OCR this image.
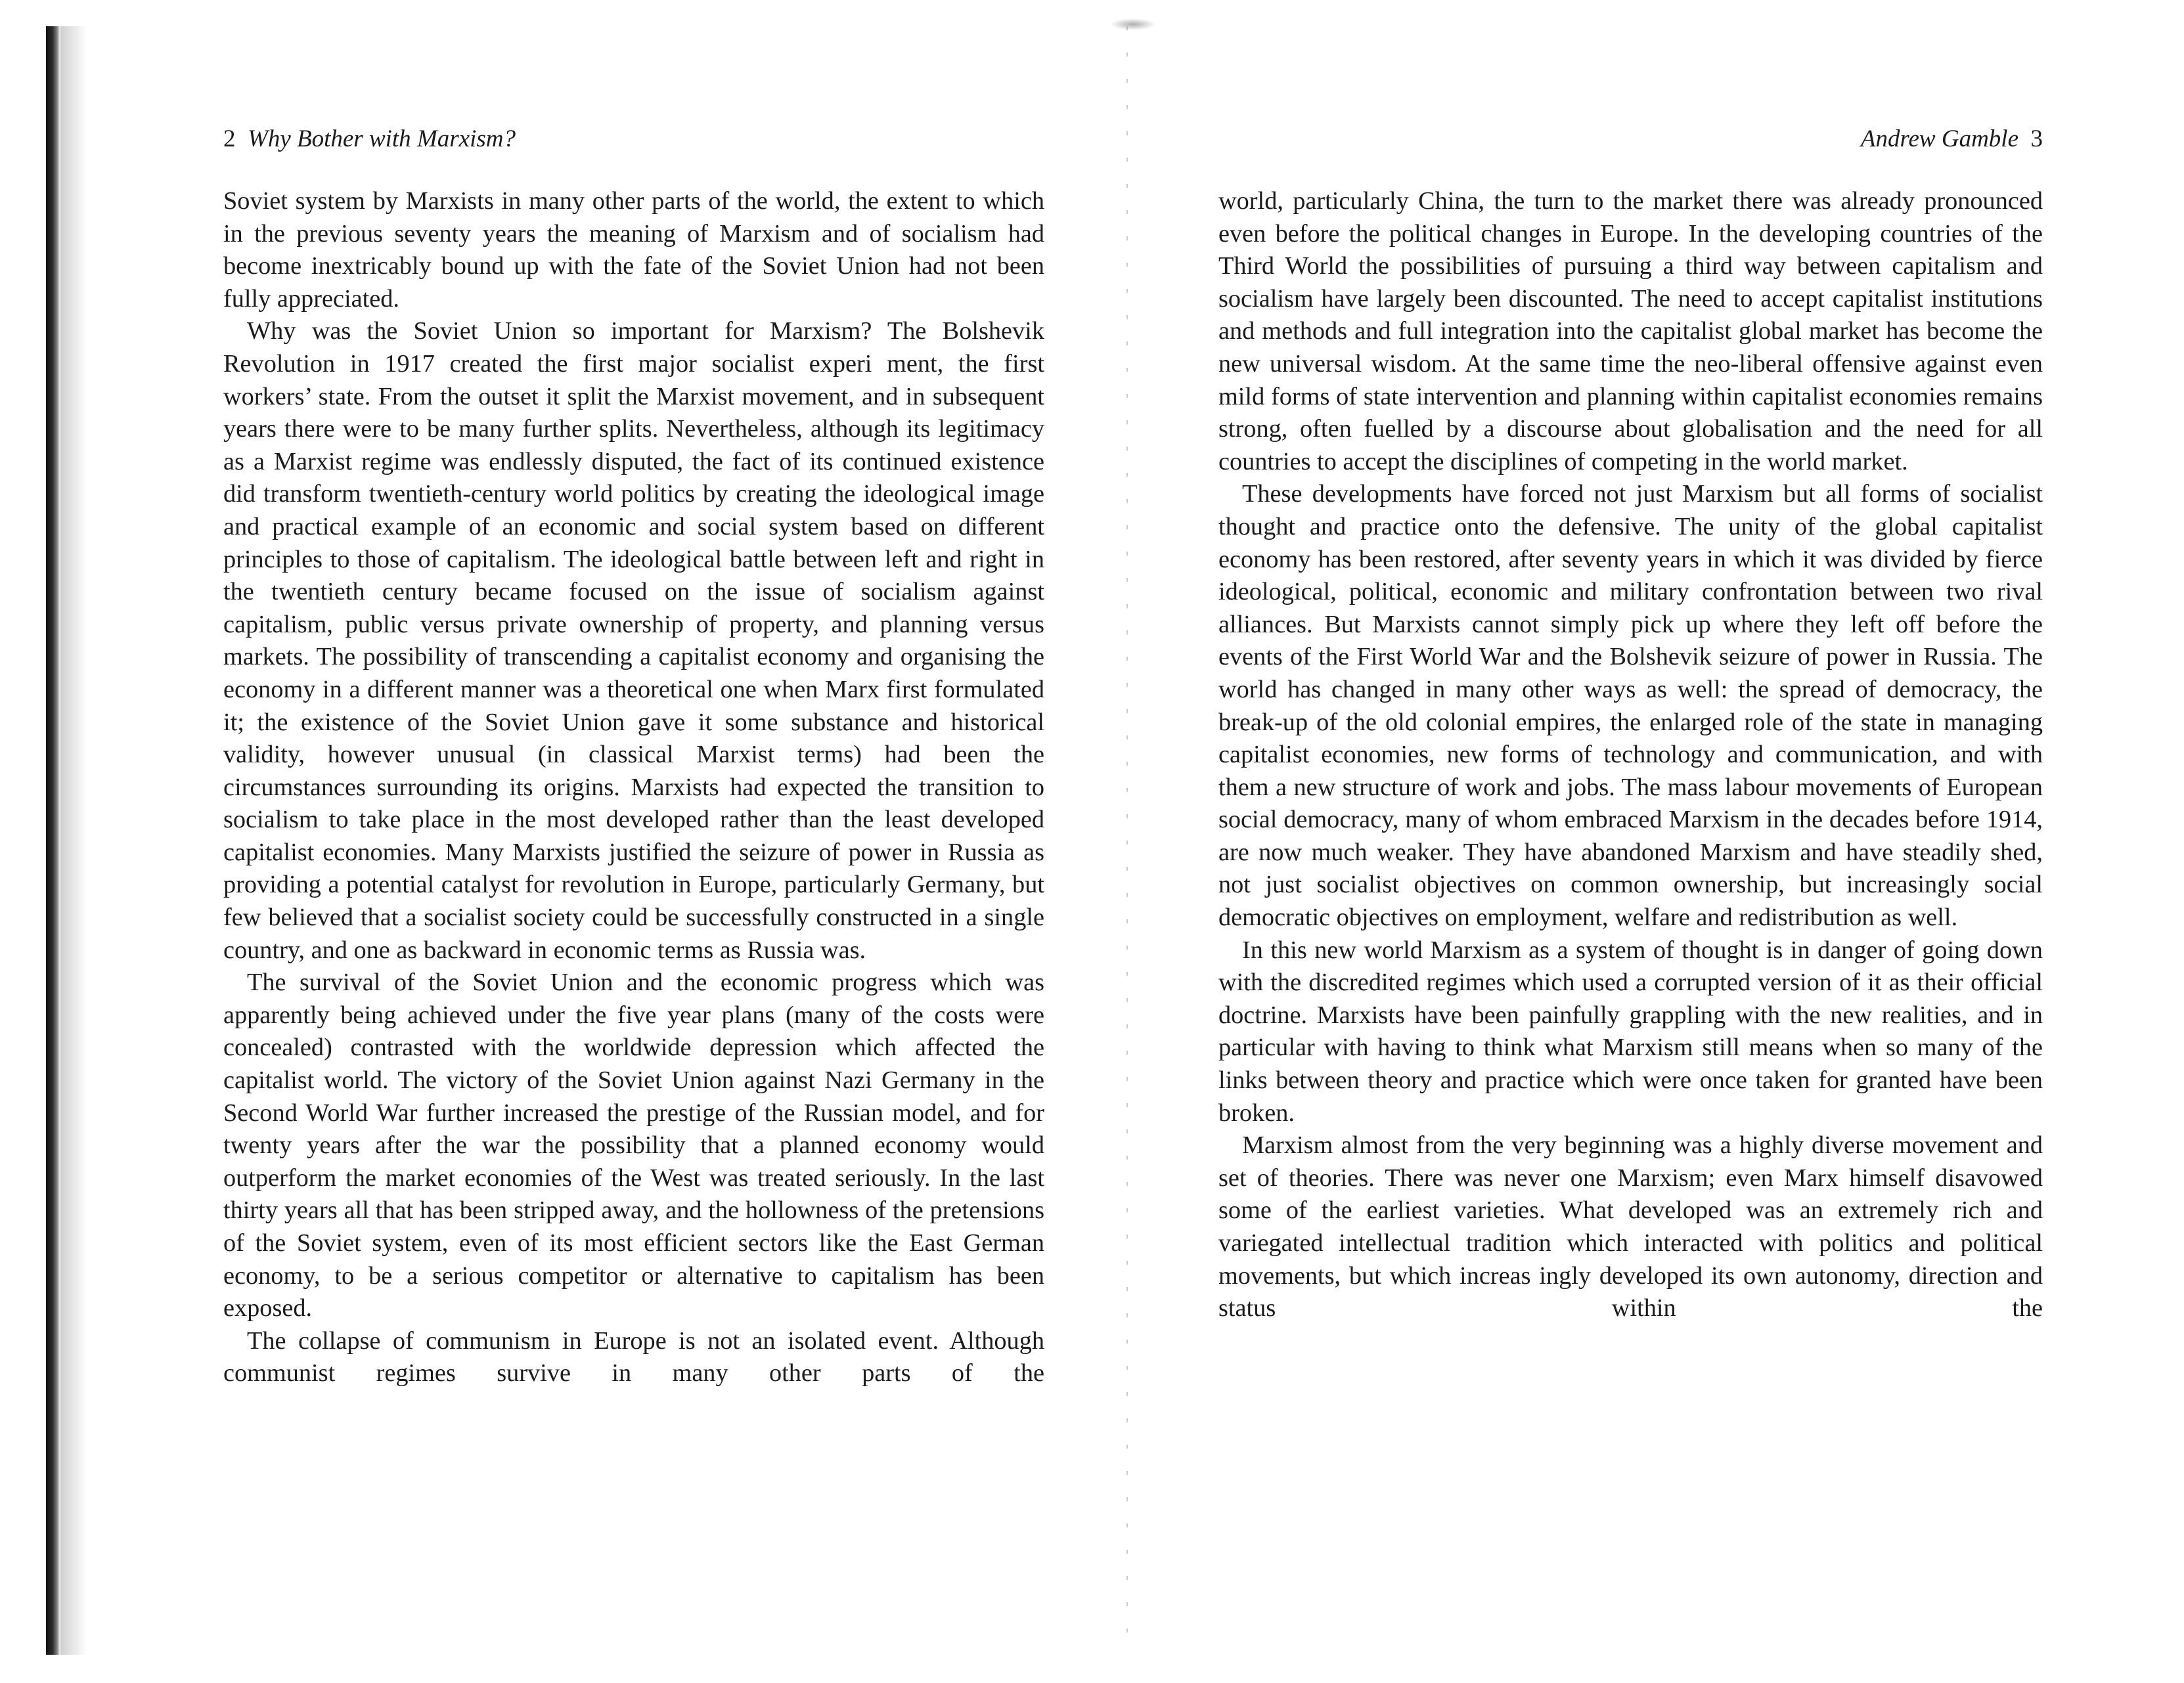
2 Why Bother with Marxism?

Soviet system by Marxists in many other parts of the world, the extent to which in the previous seventy years the meaning of Marxism and of socialism had become inextricably bound up with the fate of the Soviet Union had not been fully appreciated.

Why was the Soviet Union so important for Marxism? The Bolshevik Revolution in 1917 created the first major socialist experi ment, the first workers’ state. From the outset it split the Marxist movement, and in subsequent years there were to be many further splits. Nevertheless, although its legitimacy as a Marxist regime was endlessly disputed, the fact of its continued existence did transform twentieth-century world politics by creating the ideological image and practical example of an economic and social system based on different principles to those of capitalism. The ideological battle between left and right in the twentieth century became focused on the issue of socialism against capitalism, public versus private ownership of property, and planning versus markets. The possibility of transcending a capitalist economy and organising the economy in a different manner was a theoretical one when Marx first formulated it; the existence of the Soviet Union gave it some substance and historical validity, however unusual (in classical Marxist terms) had been the circumstances surrounding its origins. Marxists had expected the transition to socialism to take place in the most developed rather than the least developed capitalist economies. Many Marxists justified the seizure of power in Russia as providing a potential catalyst for revolution in Europe, particularly Germany, but few believed that a socialist society could be successfully constructed in a single country, and one as backward in economic terms as Russia was.

The survival of the Soviet Union and the economic progress which was apparently being achieved under the five year plans (many of the costs were concealed) contrasted with the worldwide depression which affected the capitalist world. The victory of the Soviet Union against Nazi Germany in the Second World War further increased the prestige of the Russian model, and for twenty years after the war the possibility that a planned economy would outperform the market economies of the West was treated seriously. In the last thirty years all that has been stripped away, and the hollowness of the pretensions of the Soviet system, even of its most efficient sectors like the East German economy, to be a serious competitor or alternative to capitalism has been exposed.

The collapse of communism in Europe is not an isolated event. Although communist regimes survive in many other parts of the

Andrew Gamble 3

world, particularly China, the turn to the market there was already pronounced even before the political changes in Europe. In the developing countries of the Third World the possibilities of pursuing a third way between capitalism and socialism have largely been discounted. The need to accept capitalist institutions and methods and full integration into the capitalist global market has become the new universal wisdom. At the same time the neo-liberal offensive against even mild forms of state intervention and planning within capitalist economies remains strong, often fuelled by a discourse about globalisation and the need for all countries to accept the disciplines of competing in the world market.

These developments have forced not just Marxism but all forms of socialist thought and practice onto the defensive. The unity of the global capitalist economy has been restored, after seventy years in which it was divided by fierce ideological, political, economic and military confrontation between two rival alliances. But Marxists cannot simply pick up where they left off before the events of the First World War and the Bolshevik seizure of power in Russia. The world has changed in many other ways as well: the spread of democracy, the break-up of the old colonial empires, the enlarged role of the state in managing capitalist economies, new forms of technology and communication, and with them a new structure of work and jobs. The mass labour movements of European social democracy, many of whom embraced Marxism in the decades before 1914, are now much weaker. They have abandoned Marxism and have steadily shed, not just socialist objectives on common ownership, but increasingly social democratic objectives on employment, welfare and redistribution as well.

In this new world Marxism as a system of thought is in danger of going down with the discredited regimes which used a corrupted version of it as their official doctrine. Marxists have been painfully grappling with the new realities, and in particular with having to think what Marxism still means when so many of the links between theory and practice which were once taken for granted have been broken.

Marxism almost from the very beginning was a highly diverse movement and set of theories. There was never one Marxism; even Marx himself disavowed some of the earliest varieties. What developed was an extremely rich and variegated intellectual tradition which interacted with politics and political movements, but which increas ingly developed its own autonomy, direction and status within the
